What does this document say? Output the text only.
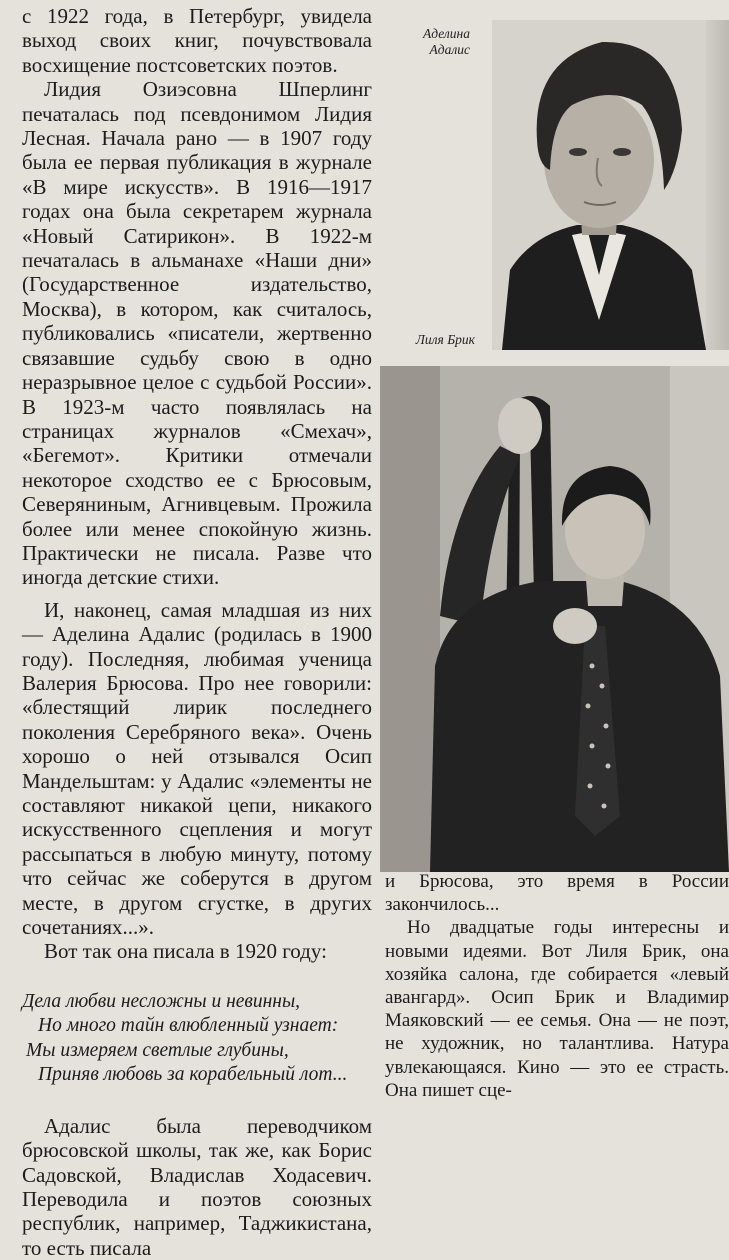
с 1922 года, в Петербург, увидела выход своих книг, почувствовала восхищение постсоветских поэтов.

Лидия Озиэсовна Шперлинг печаталась под псевдонимом Лидия Лесная. Начала рано — в 1907 году была ее первая публикация в журнале «В мире искусств». В 1916—1917 годах она была секретарем журнала «Новый Сатирикон». В 1922-м печаталась в альманахе «Наши дни» (Государственное издательство, Москва), в котором, как считалось, публиковались «писатели, жертвенно связавшие судьбу свою в одно неразрывное целое с судьбой России». В 1923-м часто появлялась на страницах журналов «Смехач», «Бегемот». Критики отмечали некоторое сходство ее с Брюсовым, Северяниным, Агнивцевым. Прожила более или менее спокойную жизнь. Практически не писала. Разве что иногда детские стихи.

И, наконец, самая младшая из них — Аделина Адалис (родилась в 1900 году). Последняя, любимая ученица Валерия Брюсова. Про нее говорили: «блестящий лирик последнего поколения Серебряного века». Очень хорошо о ней отзывался Осип Мандельштам: у Адалис «элементы не составляют никакой цепи, никакого искусственного сцепления и могут рассыпаться в любую минуту, потому что сейчас же соберутся в другом месте, в другом сгустке, в других сочетаниях...».

Вот так она писала в 1920 году:

Дела любви несложны и невинны,
Но много тайн влюбленный узнает:
Мы измеряем светлые глубины,
Приняв любовь за корабельный лот...

Адалис была переводчиком брюсовской школы, так же, как Борис Садовской, Владислав Ходасевич. Переводила и поэтов союзных республик, например, Таджикистана, то есть писала

Аделина Адалис
Лиля Брик

и Брюсова, это время в России закончилось...

Но двадцатые годы интересны и новыми идеями. Вот Лиля Брик, она хозяйка салона, где собирается «левый авангард». Осип Брик и Владимир Маяковский — ее семья. Она — не поэт, не художник, но талантлива. Натура увлекающаяся. Кино — это ее страсть. Она пишет сце-
